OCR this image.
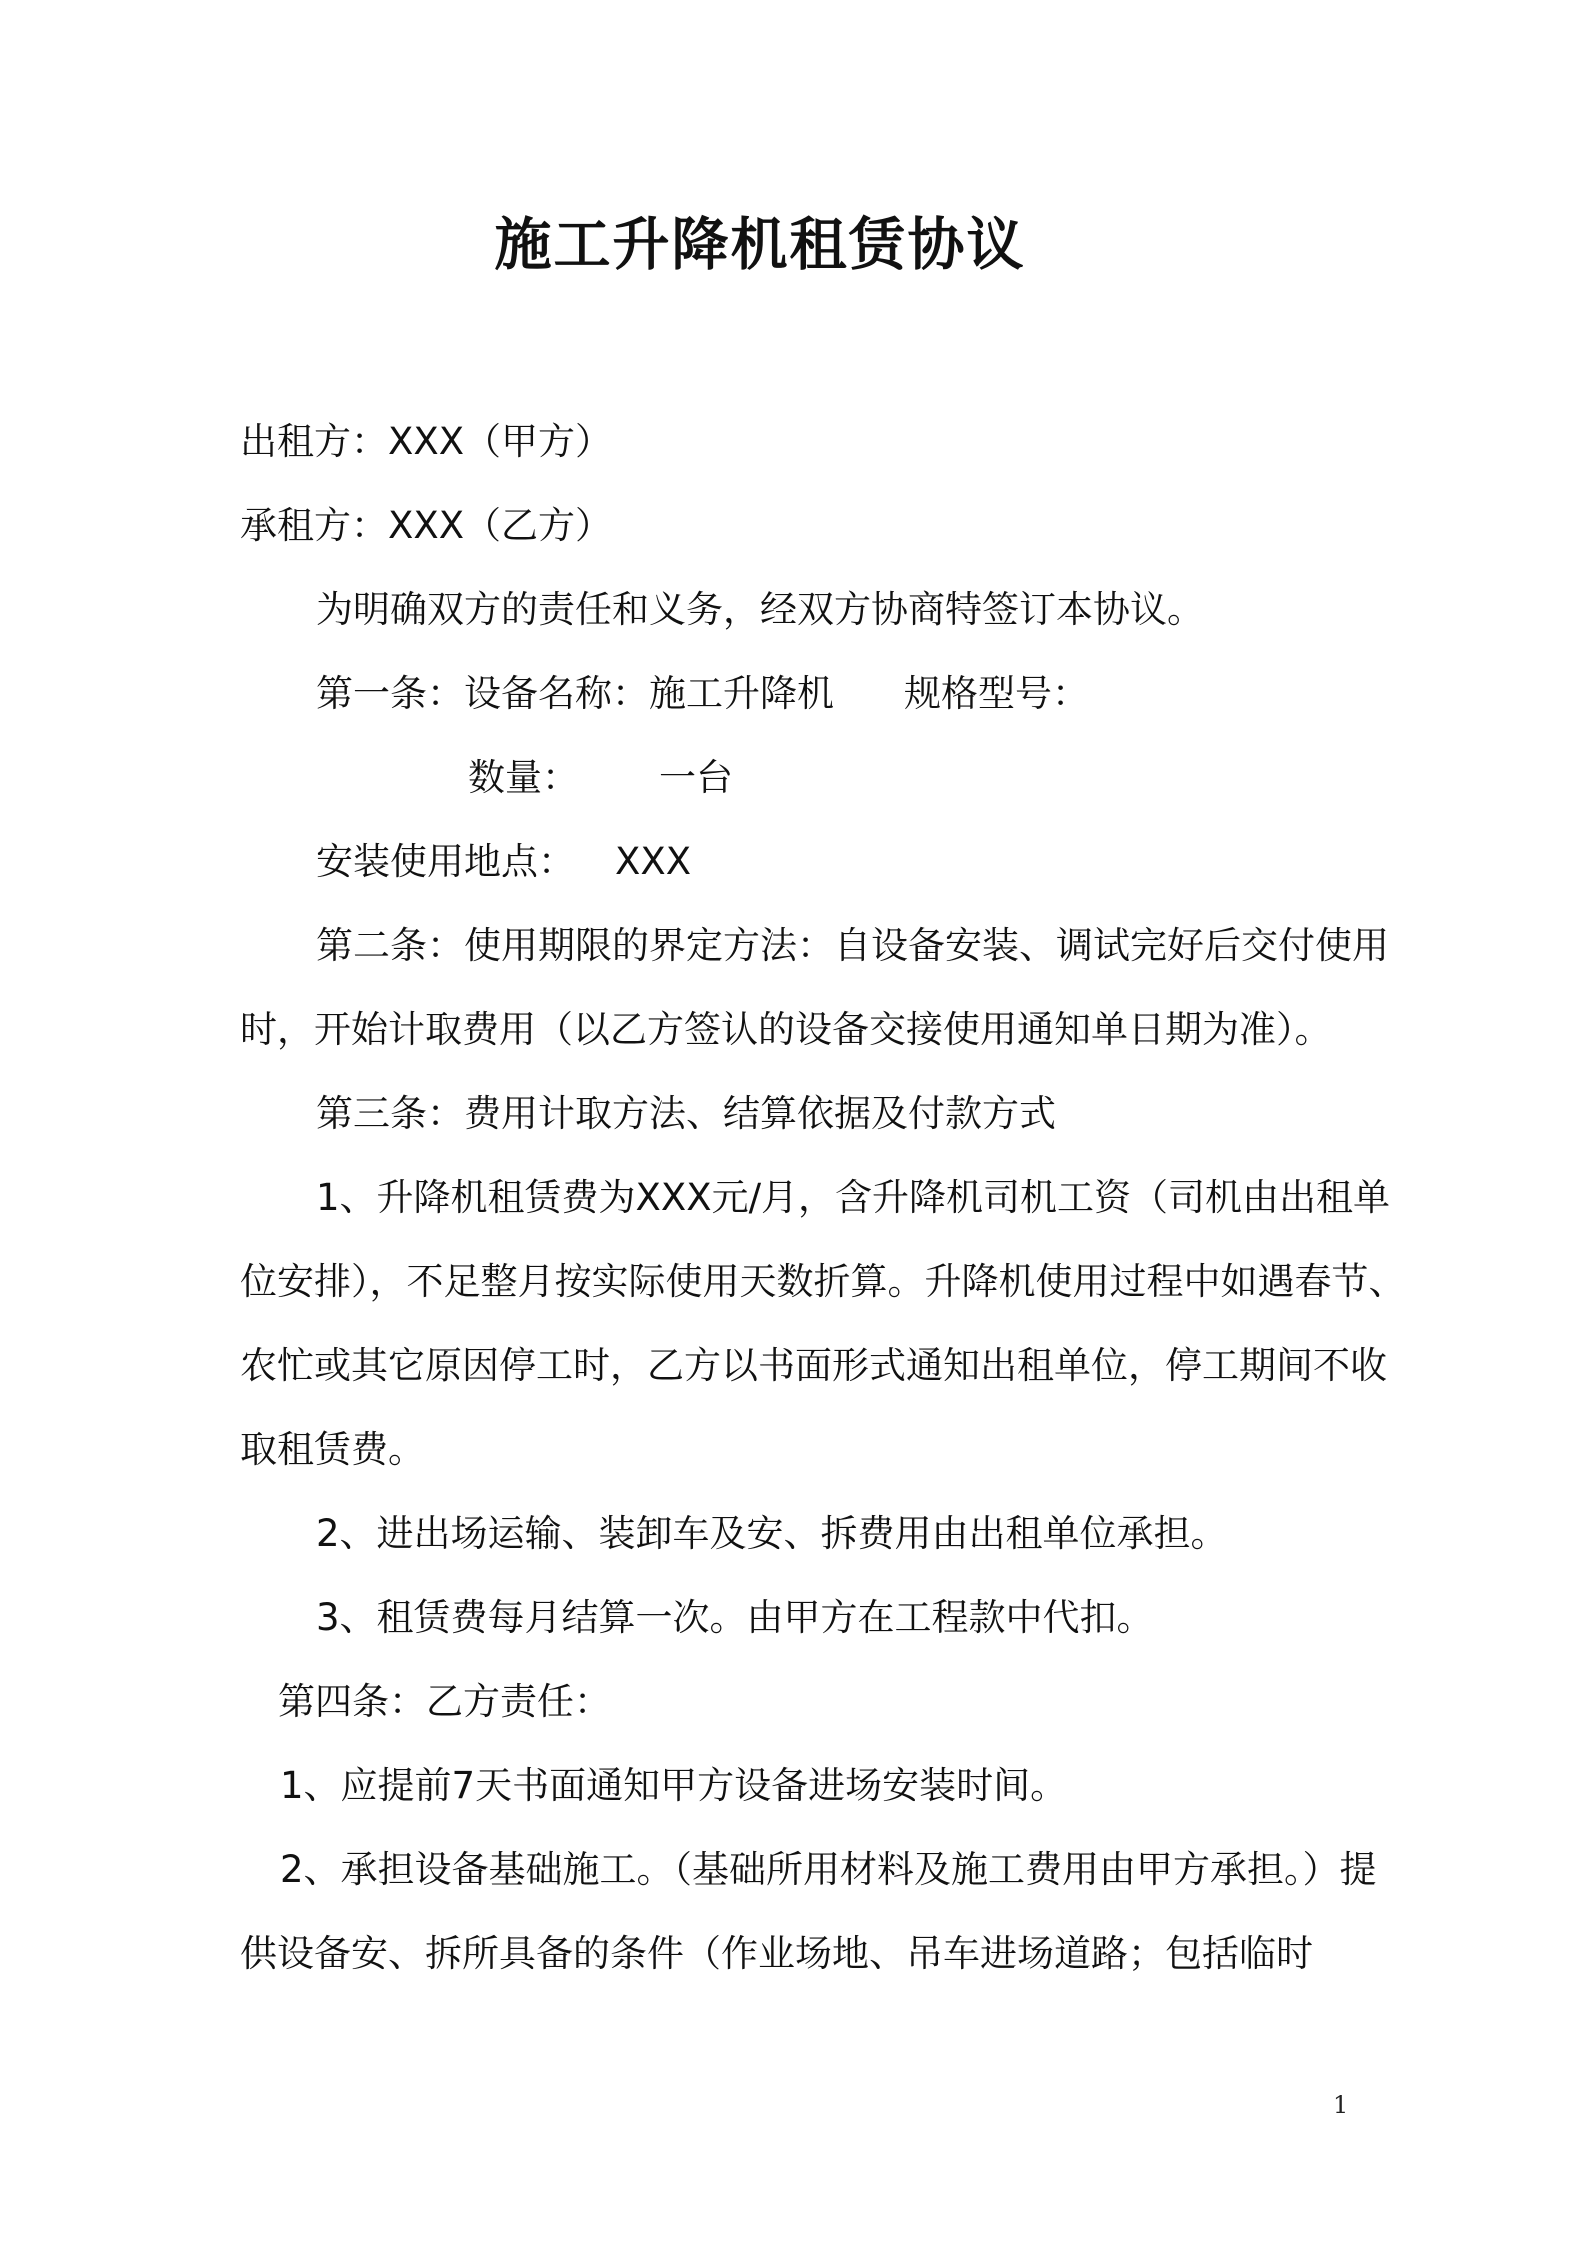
施工升降机租赁协议

出租方：XXX（甲方）

承租方：XXX（乙方）

为明确双方的责任和义务，经双方协商特签订本协议。

第一条：设备名称：施工升降机 规格型号：

数量： 一台

安装使用地点： XXX

第二条：使用期限的界定方法：自设备安装、调试完好后交付使用时，开始计取费用（以乙方签认的设备交接使用通知单日期为准）。

第三条：费用计取方法、结算依据及付款方式

1、升降机租赁费为XXX元/月，含升降机司机工资（司机由出租单位安排），不足整月按实际使用天数折算。升降机使用过程中如遇春节、农忙或其它原因停工时，乙方以书面形式通知出租单位，停工期间不收取租赁费。

2、进出场运输、装卸车及安、拆费用由出租单位承担。

3、租赁费每月结算一次。由甲方在工程款中代扣。

第四条：乙方责任：

1、应提前7天书面通知甲方设备进场安装时间。

2、承担设备基础施工。（基础所用材料及施工费用由甲方承担。）提供设备安、拆所具备的条件（作业场地、吊车进场道路；包括临时

1
